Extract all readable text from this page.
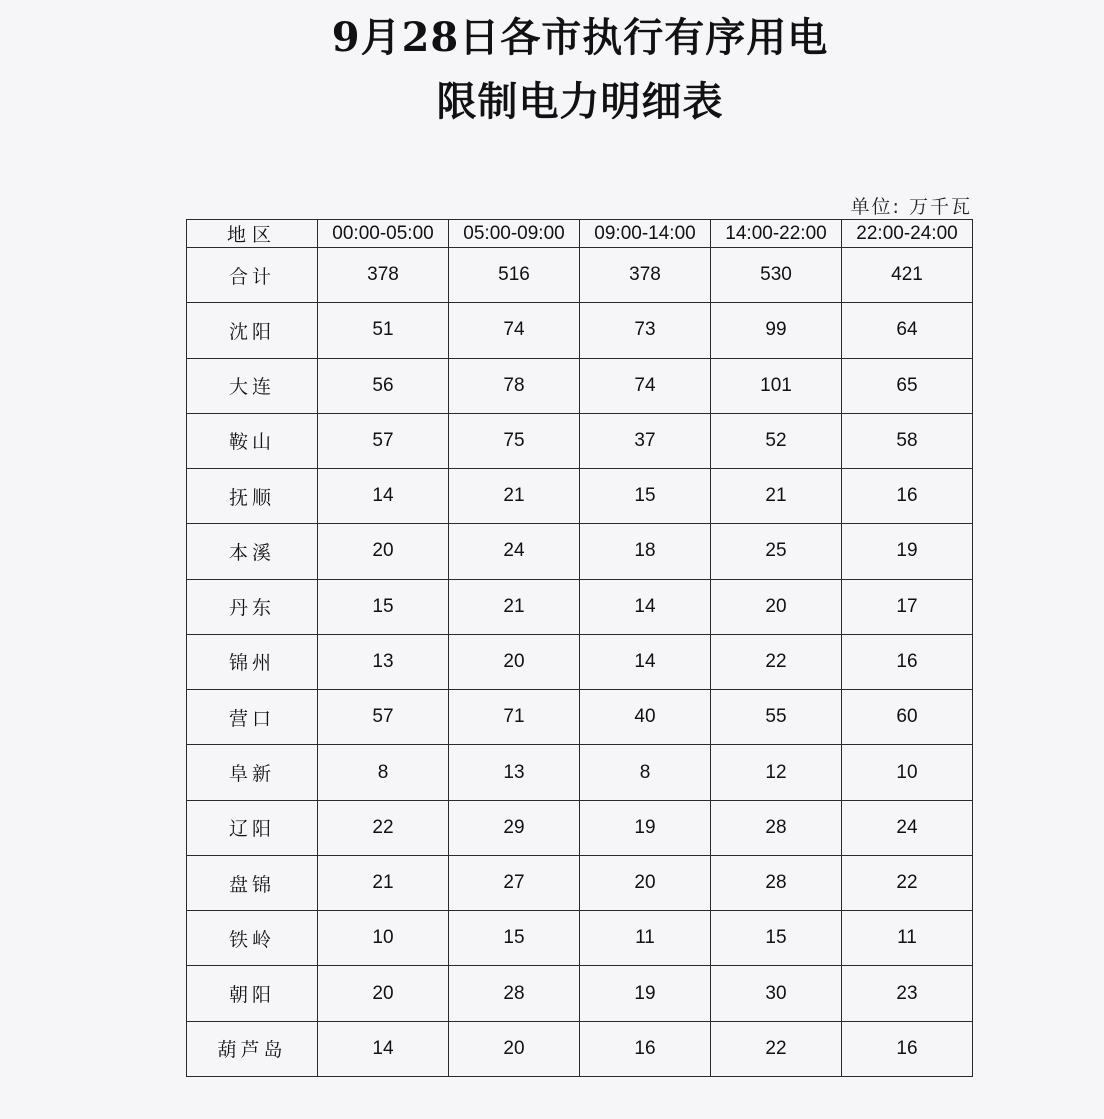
9月28日各市执行有序用电
限制电力明细表
单位: 万千瓦
地区	00:00-05:00	05:00-09:00	09:00-14:00	14:00-22:00	22:00-24:00
合计	378	516	378	530	421
沈阳	51	74	73	99	64
大连	56	78	74	101	65
鞍山	57	75	37	52	58
抚顺	14	21	15	21	16
本溪	20	24	18	25	19
丹东	15	21	14	20	17
锦州	13	20	14	22	16
营口	57	71	40	55	60
阜新	8	13	8	12	10
辽阳	22	29	19	28	24
盘锦	21	27	20	28	22
铁岭	10	15	11	15	11
朝阳	20	28	19	30	23
葫芦岛	14	20	16	22	16
